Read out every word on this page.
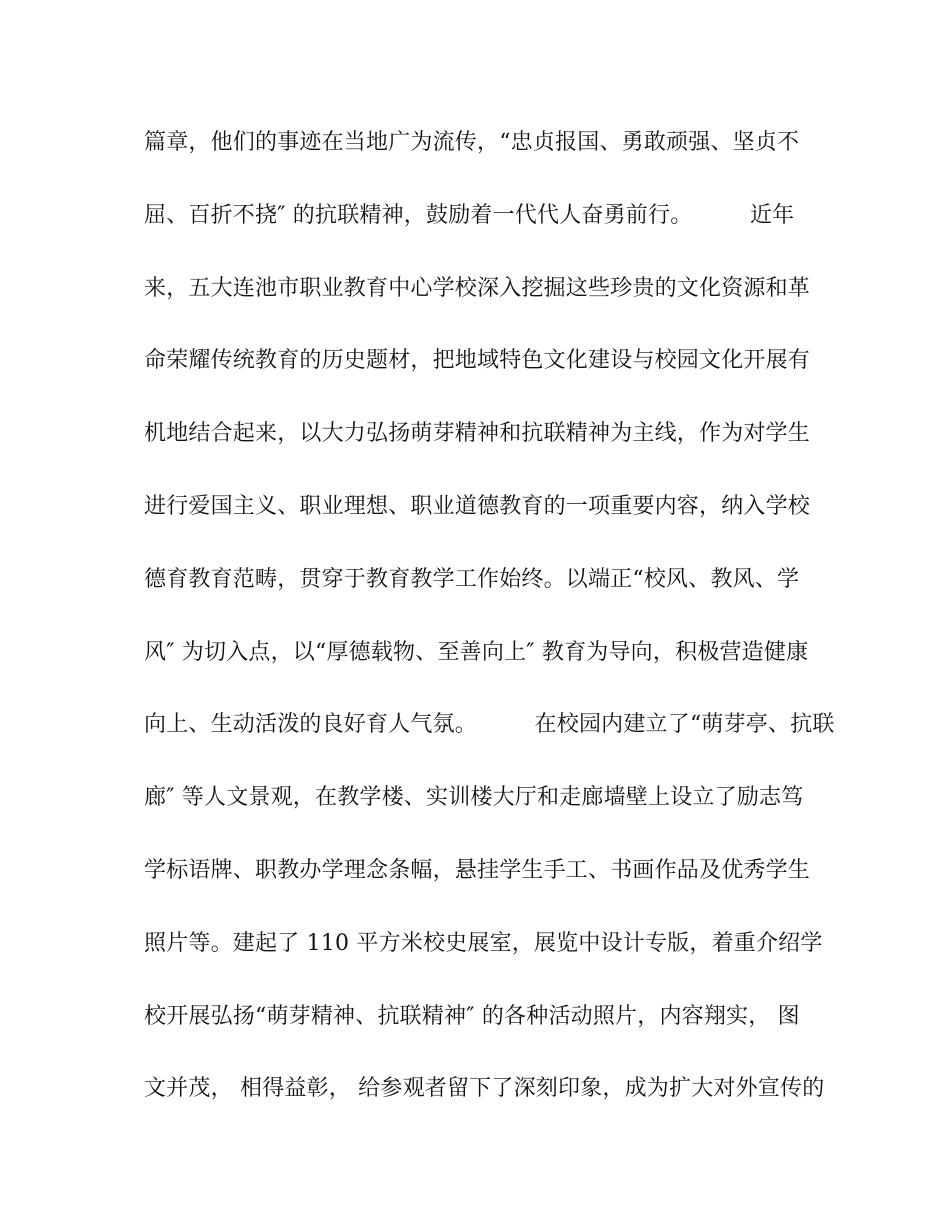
篇章，他们的事迹在当地广为流传，“忠贞报国、勇敢顽强、坚贞不
屈、百折不挠″ 的抗联精神，鼓励着一代代人奋勇前行。        近年
来，五大连池市职业教育中心学校深入挖掘这些珍贵的文化资源和革
命荣耀传统教育的历史题材，把地域特色文化建设与校园文化开展有
机地结合起来，以大力弘扬萌芽精神和抗联精神为主线，作为对学生
进行爱国主义、职业理想、职业道德教育的一项重要内容，纳入学校
德育教育范畴，贯穿于教育教学工作始终。以端正“校风、教风、学
风″ 为切入点，以“厚德载物、至善向上″ 教育为导向，积极营造健康
向上、生动活泼的良好育人气氛。        在校园内建立了“萌芽亭、抗联
廊″ 等人文景观，在教学楼、实训楼大厅和走廊墙壁上设立了励志笃
学标语牌、职教办学理念条幅，悬挂学生手工、书画作品及优秀学生
照片等。建起了 110 平方米校史展室，展览中设计专版，着重介绍学
校开展弘扬“萌芽精神、抗联精神″ 的各种活动照片，内容翔实， 图
文并茂， 相得益彰， 给参观者留下了深刻印象，成为扩大对外宣传的
